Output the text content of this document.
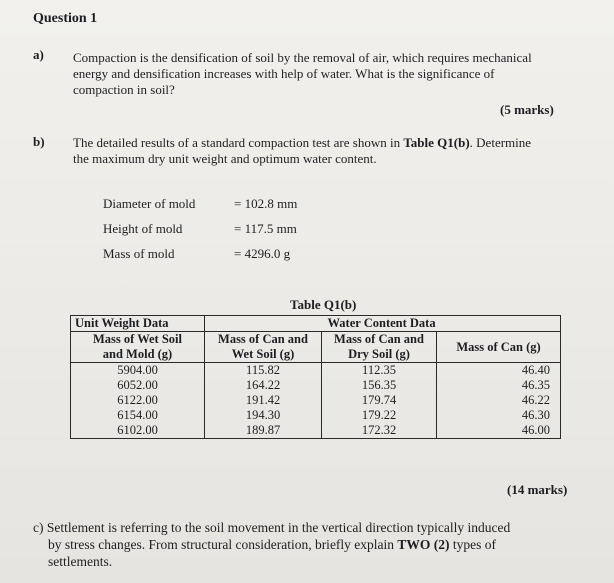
Question 1
a) Compaction is the densification of soil by the removal of air, which requires mechanical
energy and densification increases with help of water. What is the significance of
compaction in soil?
(5 marks)
b) The detailed results of a standard compaction test are shown in Table Q1(b). Determine
the maximum dry unit weight and optimum water content.
Diameter of mold	= 102.8 mm
Height of mold	= 117.5 mm
Mass of mold	= 4296.0 g
Table Q1(b)
Unit Weight Data		Water Content Data	
Mass of Wet Soil	Mass of Can and	Mass of Can and	Mass of Can (g)
and Mold (g)	Wet Soil (g)	Dry Soil (g)	
5904.00	115.82	112.35	46.40
6052.00	164.22	156.35	46.35
6122.00	191.42	179.74	46.22
6154.00	194.30	179.22	46.30
6102.00	189.87	172.32	46.00
(14 marks)
c) Settlement is referring to the soil movement in the vertical direction typically induced
by stress changes. From structural consideration, briefly explain TWO (2) types of
settlements.
